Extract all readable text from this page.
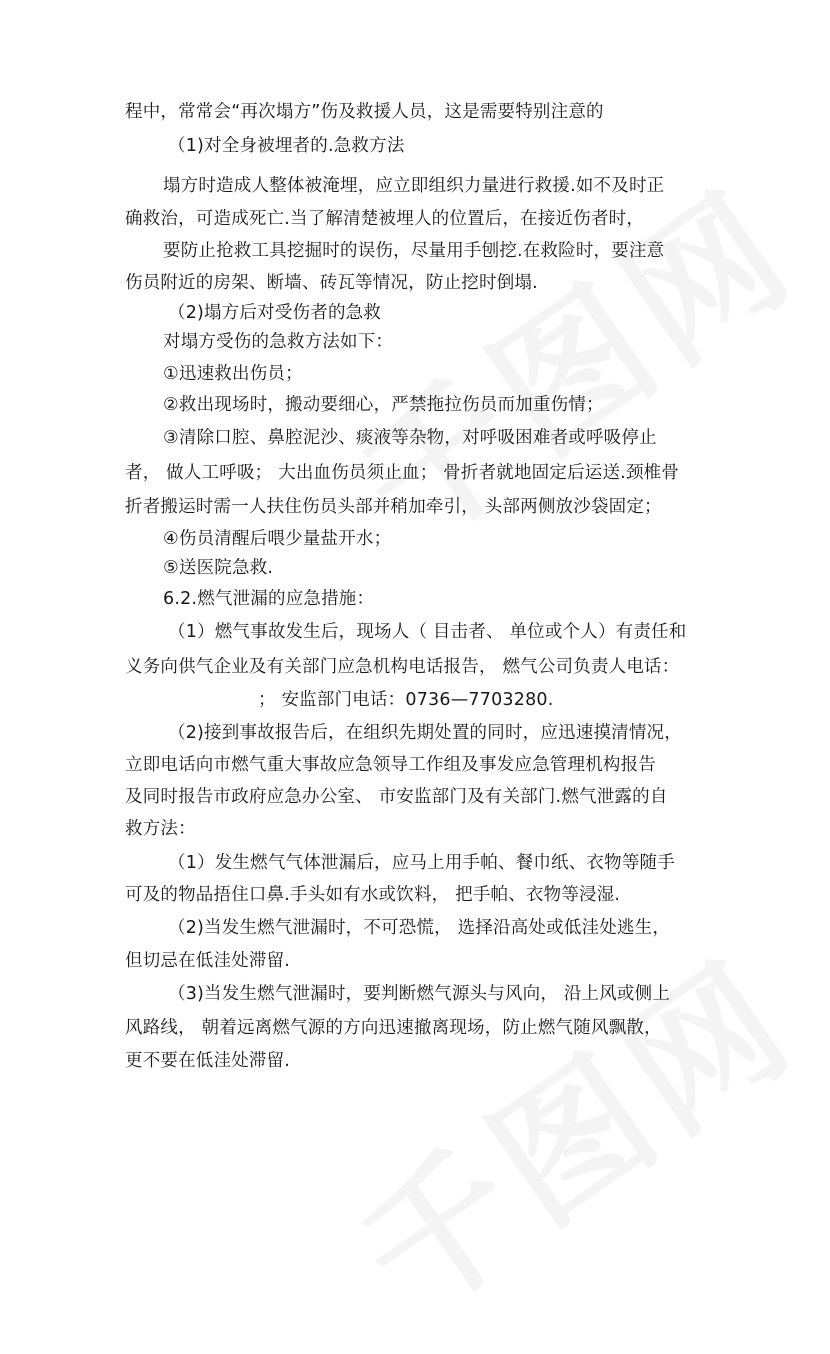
程中，常常会“再次塌方”伤及救援人员，这是需要特别注意的
（1)对全身被埋者的.急救方法
塌方时造成人整体被淹埋，应立即组织力量进行救援.如不及时正
确救治，可造成死亡.当了解清楚被埋人的位置后，在接近伤者时，
要防止抢救工具挖掘时的误伤，尽量用手刨挖.在救险时，要注意
伤员附近的房架、断墙、砖瓦等情况，防止挖时倒塌.
（2)塌方后对受伤者的急救
对塌方受伤的急救方法如下：
①迅速救出伤员；
②救出现场时，搬动要细心，严禁拖拉伤员而加重伤情；
③清除口腔、鼻腔泥沙、痰液等杂物，对呼吸困难者或呼吸停止
者， 做人工呼吸； 大出血伤员须止血； 骨折者就地固定后运送.颈椎骨
折者搬运时需一人扶住伤员头部并稍加牵引， 头部两侧放沙袋固定；
④伤员清醒后喂少量盐开水；
⑤送医院急救.
6.2.燃气泄漏的应急措施：
（1）燃气事故发生后，现场人（ 目击者、 单位或个人）有责任和
义务向供气企业及有关部门应急机构电话报告， 燃气公司负责人电话：
； 安监部门电话：0736—7703280.
（2)接到事故报告后，在组织先期处置的同时，应迅速摸清情况，
立即电话向市燃气重大事故应急领导工作组及事发应急管理机构报告
及同时报告市政府应急办公室、 市安监部门及有关部门.燃气泄露的自
救方法：
（1）发生燃气气体泄漏后，应马上用手帕、餐巾纸、衣物等随手
可及的物品捂住口鼻.手头如有水或饮料， 把手帕、衣物等浸湿.
（2)当发生燃气泄漏时，不可恐慌， 选择沿高处或低洼处逃生，
但切忌在低洼处滞留.
（3)当发生燃气泄漏时，要判断燃气源头与风向， 沿上风或侧上
风路线， 朝着远离燃气源的方向迅速撤离现场，防止燃气随风飘散，
更不要在低洼处滞留.
